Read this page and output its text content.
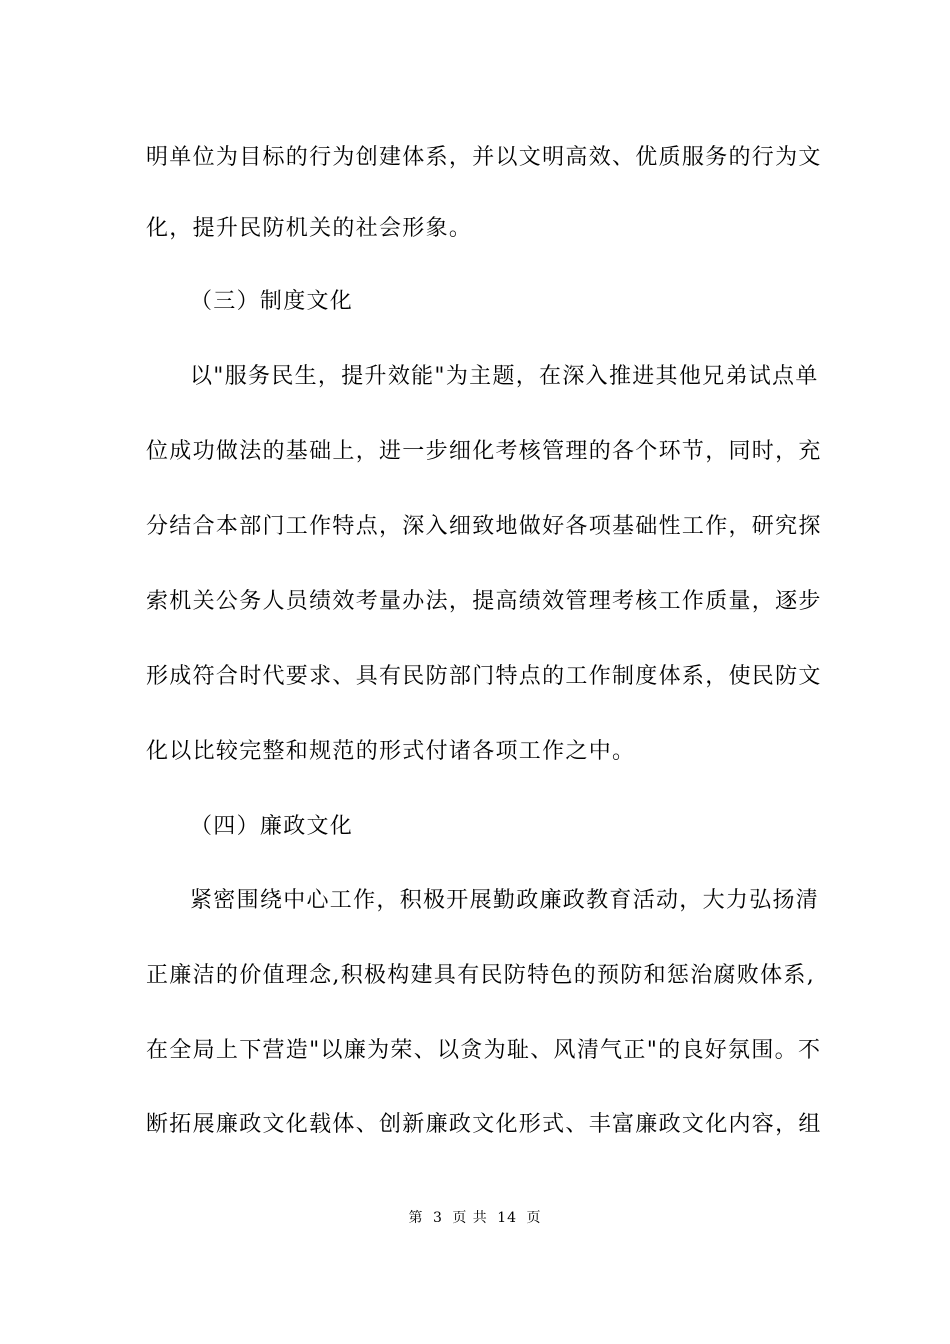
明单位为目标的行为创建体系，并以文明高效、优质服务的行为文
化，提升民防机关的社会形象。
（三）制度文化
以"服务民生，提升效能"为主题，在深入推进其他兄弟试点单
位成功做法的基础上，进一步细化考核管理的各个环节，同时，充
分结合本部门工作特点，深入细致地做好各项基础性工作，研究探
索机关公务人员绩效考量办法，提高绩效管理考核工作质量，逐步
形成符合时代要求、具有民防部门特点的工作制度体系，使民防文
化以比较完整和规范的形式付诸各项工作之中。
（四）廉政文化
紧密围绕中心工作，积极开展勤政廉政教育活动，大力弘扬清
正廉洁的价值理念,积极构建具有民防特色的预防和惩治腐败体系,
在全局上下营造"以廉为荣、以贪为耻、风清气正"的良好氛围。不
断拓展廉政文化载体、创新廉政文化形式、丰富廉政文化内容，组
第 3 页 共 14 页
